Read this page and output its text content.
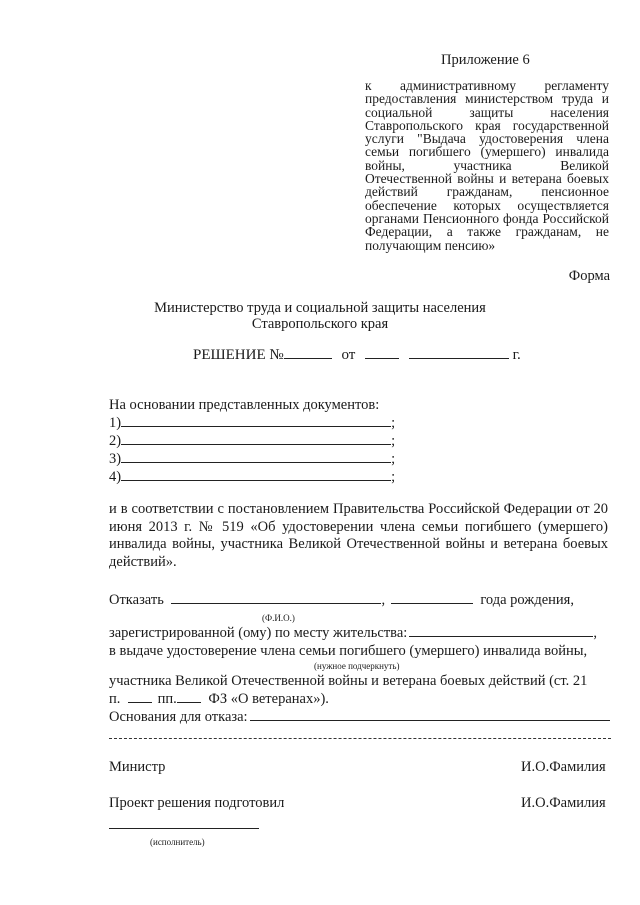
Приложение 6
к административному регламенту предоставления министерством труда и социальной защиты населения Ставропольского края государственной услуги "Выдача удостоверения члена семьи погибшего (умершего) инвалида войны, участника Великой Отечественной войны и ветерана боевых действий гражданам, пенсионное обеспечение которых осуществляется органами Пенсионного фонда Российской Федерации, а также гражданам, не получающим пенсию»
Форма
Министерство труда и социальной защиты населения
Ставропольского края
РЕШЕНИЕ №	от	г.
На основании представленных документов:
1)	;
2)	;
3)	;
4)	;
и в соответствии с постановлением Правительства Российской Федерации от 20 июня 2013 г. № 519 «Об удостоверении члена семьи погибшего (умершего) инвалида войны, участника Великой Отечественной войны и ветерана боевых действий».
Отказать	,	года рождения,
(Ф.И.О.)
зарегистрированной (ому) по месту жительства:	,
в выдаче удостоверение члена семьи погибшего (умершего) инвалида войны,
(нужное подчеркнуть)
участника Великой Отечественной войны и ветерана боевых действий (ст. 21
п.	пп. ФЗ «О ветеранах»).
Основания для отказа:
Министр	И.О.Фамилия
Проект решения подготовил	И.О.Фамилия
(исполнитель)
